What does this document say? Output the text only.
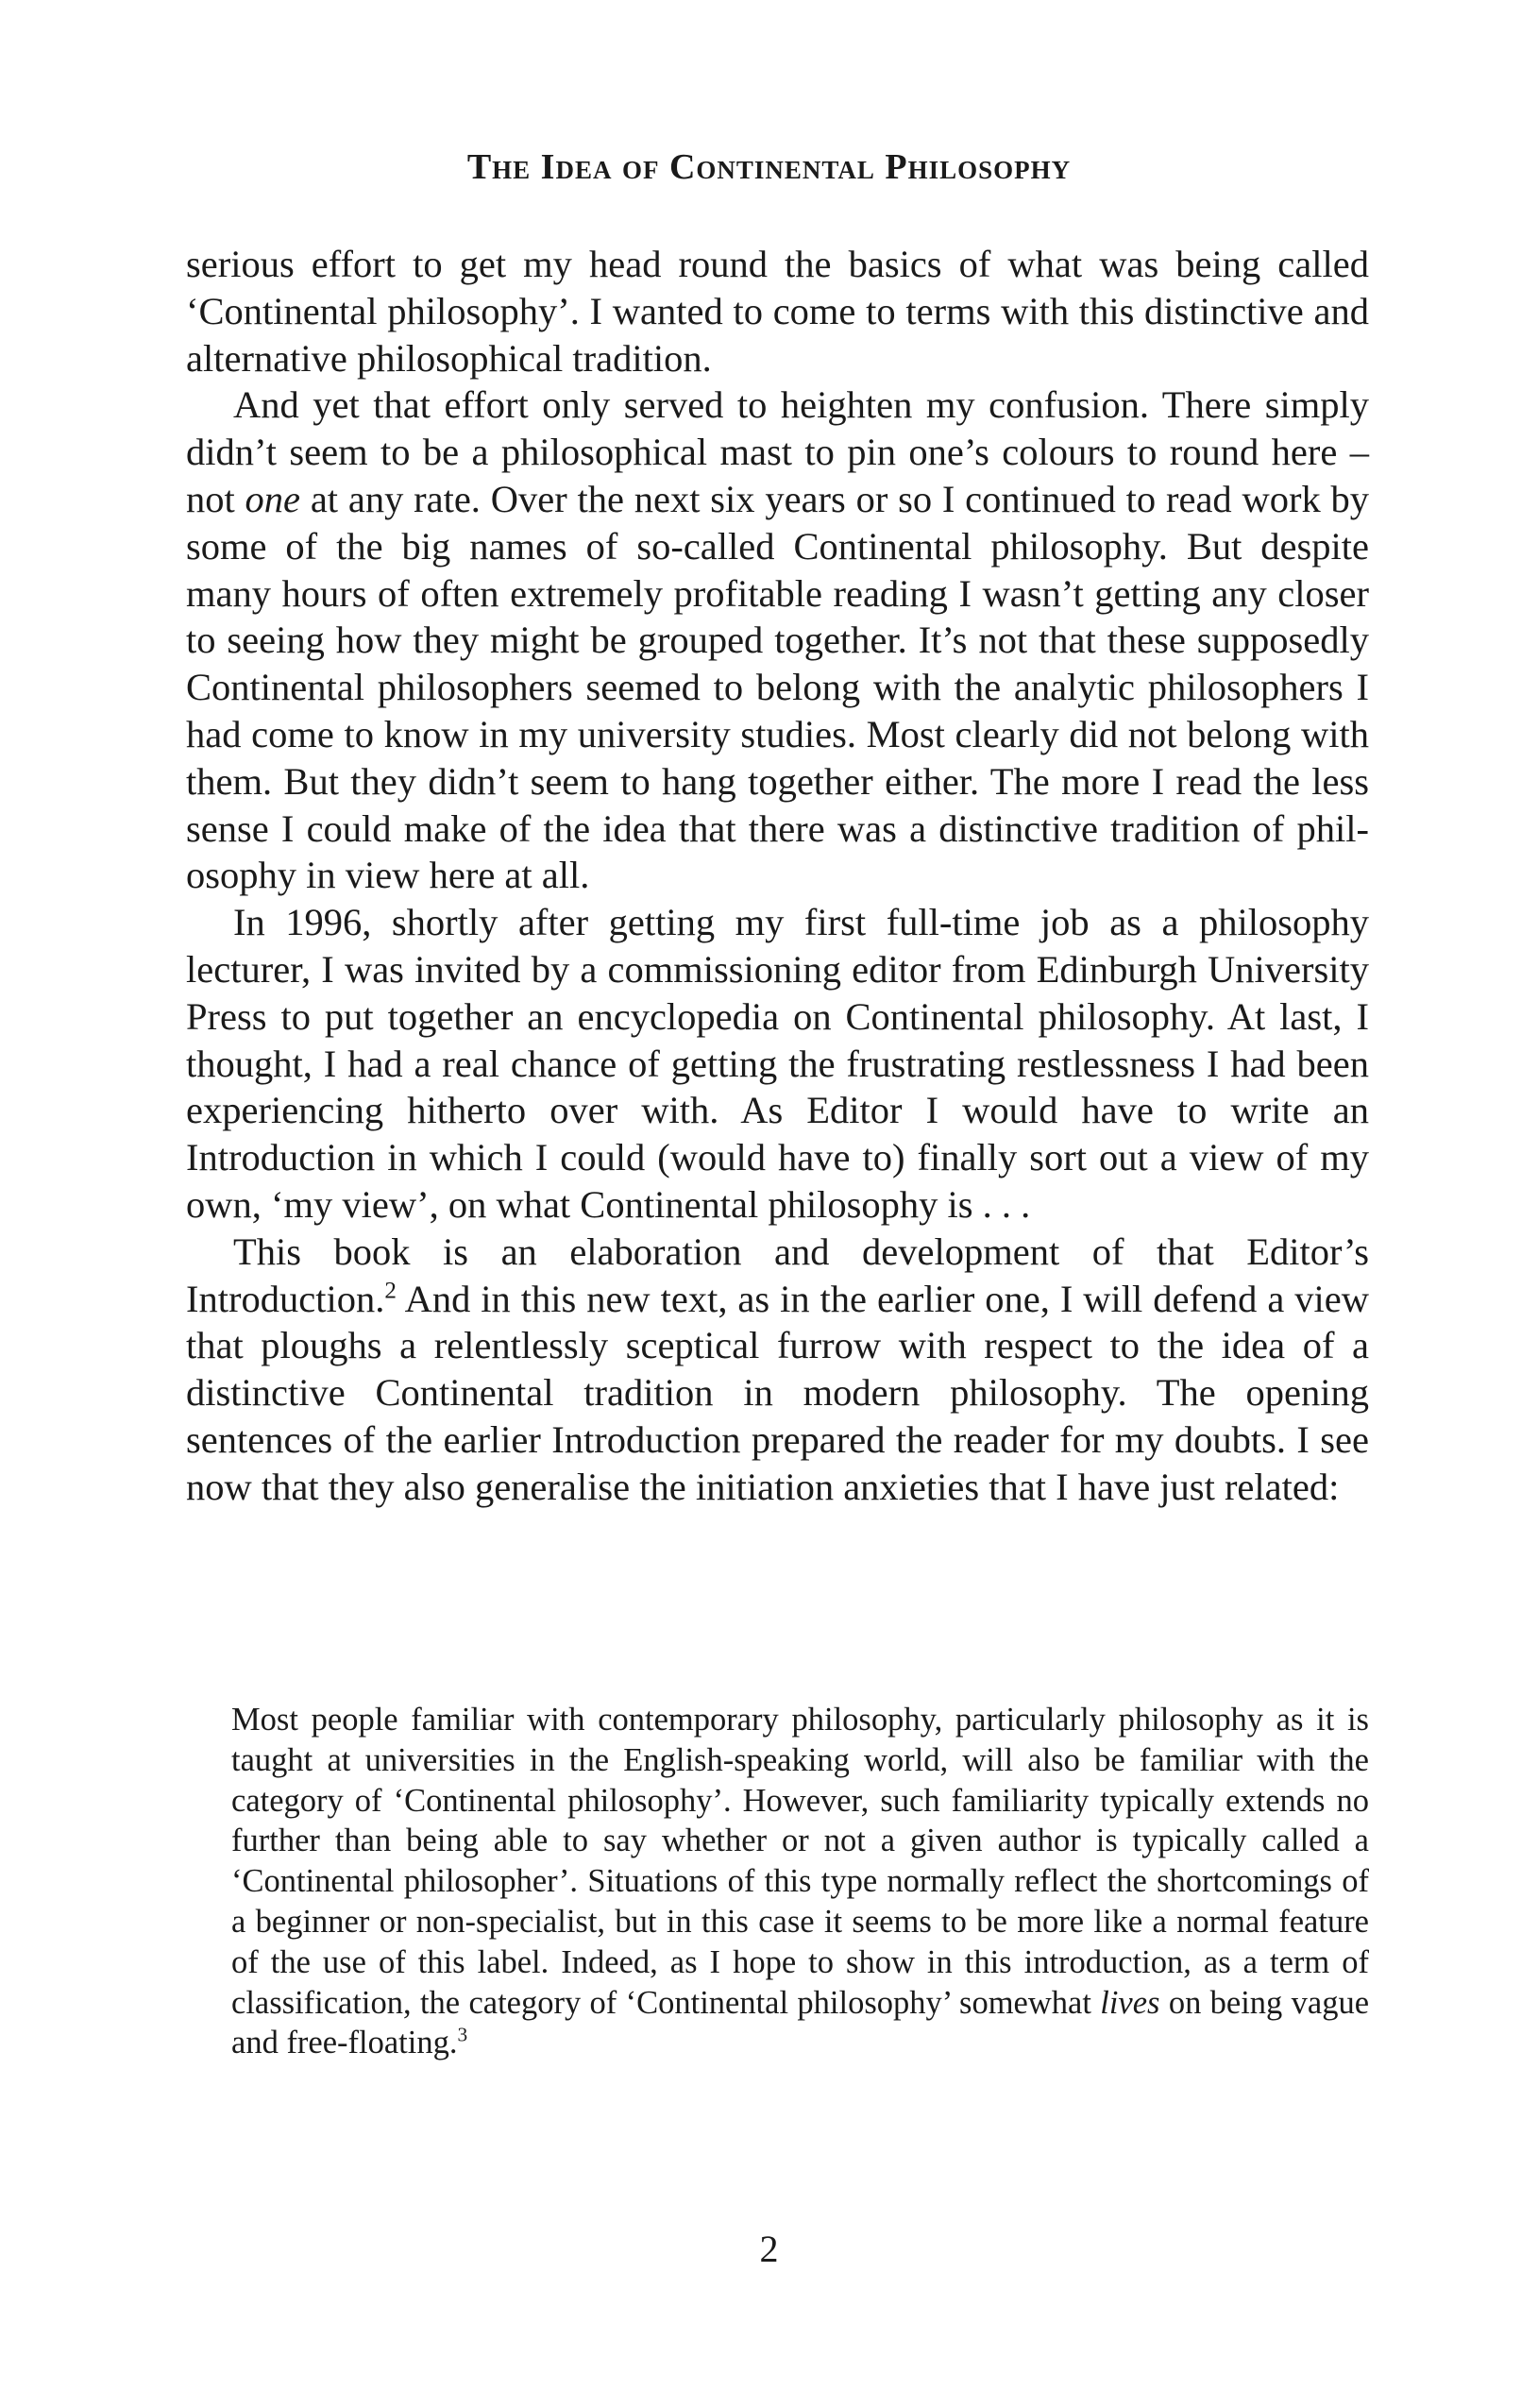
The Idea of Continental Philosophy

serious effort to get my head round the basics of what was being called ‘Continental philosophy’. I wanted to come to terms with this distinctive and alternative philosophical tradition.

And yet that effort only served to heighten my confusion. There simply didn’t seem to be a philosophical mast to pin one’s colours to round here – not one at any rate. Over the next six years or so I continued to read work by some of the big names of so-called Continental philosophy. But despite many hours of often extremely profitable reading I wasn’t getting any closer to seeing how they might be grouped together. It’s not that these supposedly Continental philosophers seemed to belong with the analytic philosophers I had come to know in my university studies. Most clearly did not belong with them. But they didn’t seem to hang together either. The more I read the less sense I could make of the idea that there was a distinctive tradition of philosophy in view here at all.

In 1996, shortly after getting my first full-time job as a philosophy lecturer, I was invited by a commissioning editor from Edinburgh University Press to put together an encyclopedia on Continental philosophy. At last, I thought, I had a real chance of getting the frustrating restlessness I had been experiencing hitherto over with. As Editor I would have to write an Introduction in which I could (would have to) finally sort out a view of my own, ‘my view’, on what Continental philosophy is . . .

This book is an elaboration and development of that Editor’s Introduction.$^2$ And in this new text, as in the earlier one, I will defend a view that ploughs a relentlessly sceptical furrow with respect to the idea of a distinctive Continental tradition in modern philosophy. The opening sentences of the earlier Introduction prepared the reader for my doubts. I see now that they also generalise the initiation anxieties that I have just related:

Most people familiar with contemporary philosophy, particularly philosophy as it is taught at universities in the English-speaking world, will also be familiar with the category of ‘Continental philosophy’. However, such familiarity typically extends no further than being able to say whether or not a given author is typically called a ‘Continental philosopher’. Situations of this type normally reflect the shortcomings of a beginner or non-specialist, but in this case it seems to be more like a normal feature of the use of this label. Indeed, as I hope to show in this introduction, as a term of classification, the category of ‘Continental philosophy’ somewhat lives on being vague and free-floating.$^3$

2
